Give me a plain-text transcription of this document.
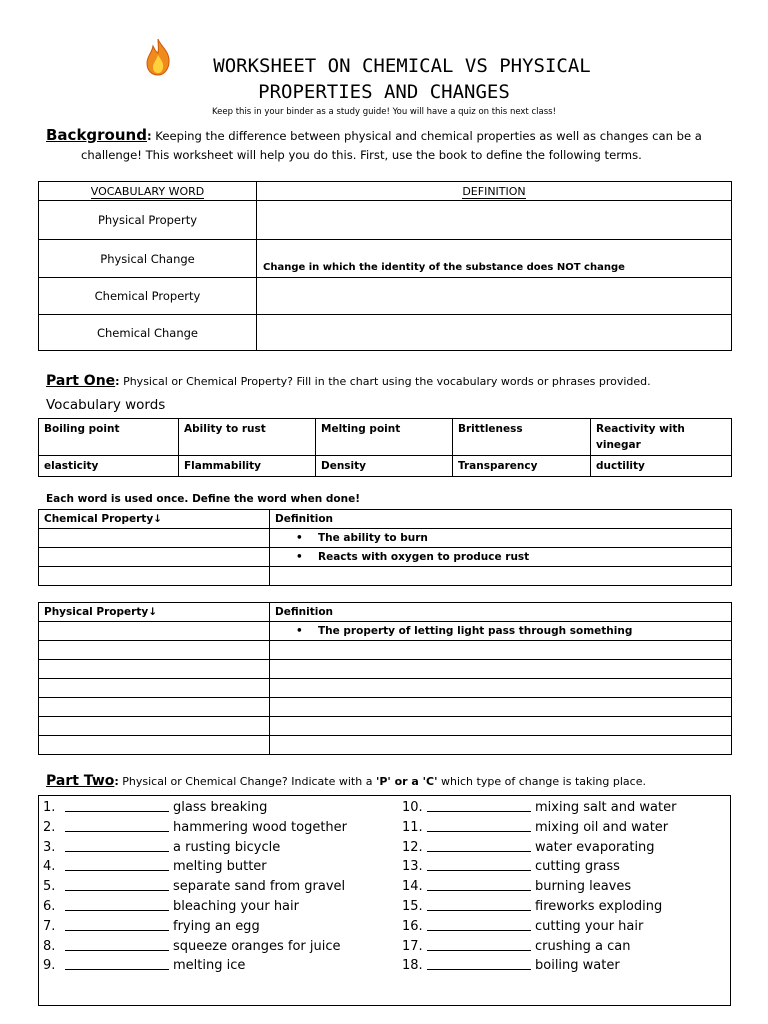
WORKSHEET ON CHEMICAL VS PHYSICAL
PROPERTIES AND CHANGES
Keep this in your binder as a study guide! You will have a quiz on this next class!
Background: Keeping the difference between physical and chemical properties as well as changes can be a
challenge! This worksheet will help you do this. First, use the book to define the following terms.
VOCABULARY WORD	DEFINITION
Physical Property	
Physical Change	Change in which the identity of the substance does NOT change
Chemical Property	
Chemical Change	
Part One: Physical or Chemical Property? Fill in the chart using the vocabulary words or phrases provided.
Vocabulary words
Boiling point	Ability to rust	Melting point	Brittleness	Reactivity with vinegar
elasticity	Flammability	Density	Transparency	ductility
Each word is used once. Define the word when done!
Chemical Property↓	Definition
	• The ability to burn
	• Reacts with oxygen to produce rust

Physical Property↓	Definition
	• The property of letting light pass through something

Part Two: Physical or Chemical Change? Indicate with a 'P' or a 'C' which type of change is taking place.
1.	glass breaking
2.	hammering wood together
3.	a rusting bicycle
4.	melting butter
5.	separate sand from gravel
6.	bleaching your hair
7.	frying an egg
8.	squeeze oranges for juice
9.	melting ice
10.	mixing salt and water
11.	mixing oil and water
12.	water evaporating
13.	cutting grass
14.	burning leaves
15.	fireworks exploding
16.	cutting your hair
17.	crushing a can
18.	boiling water
